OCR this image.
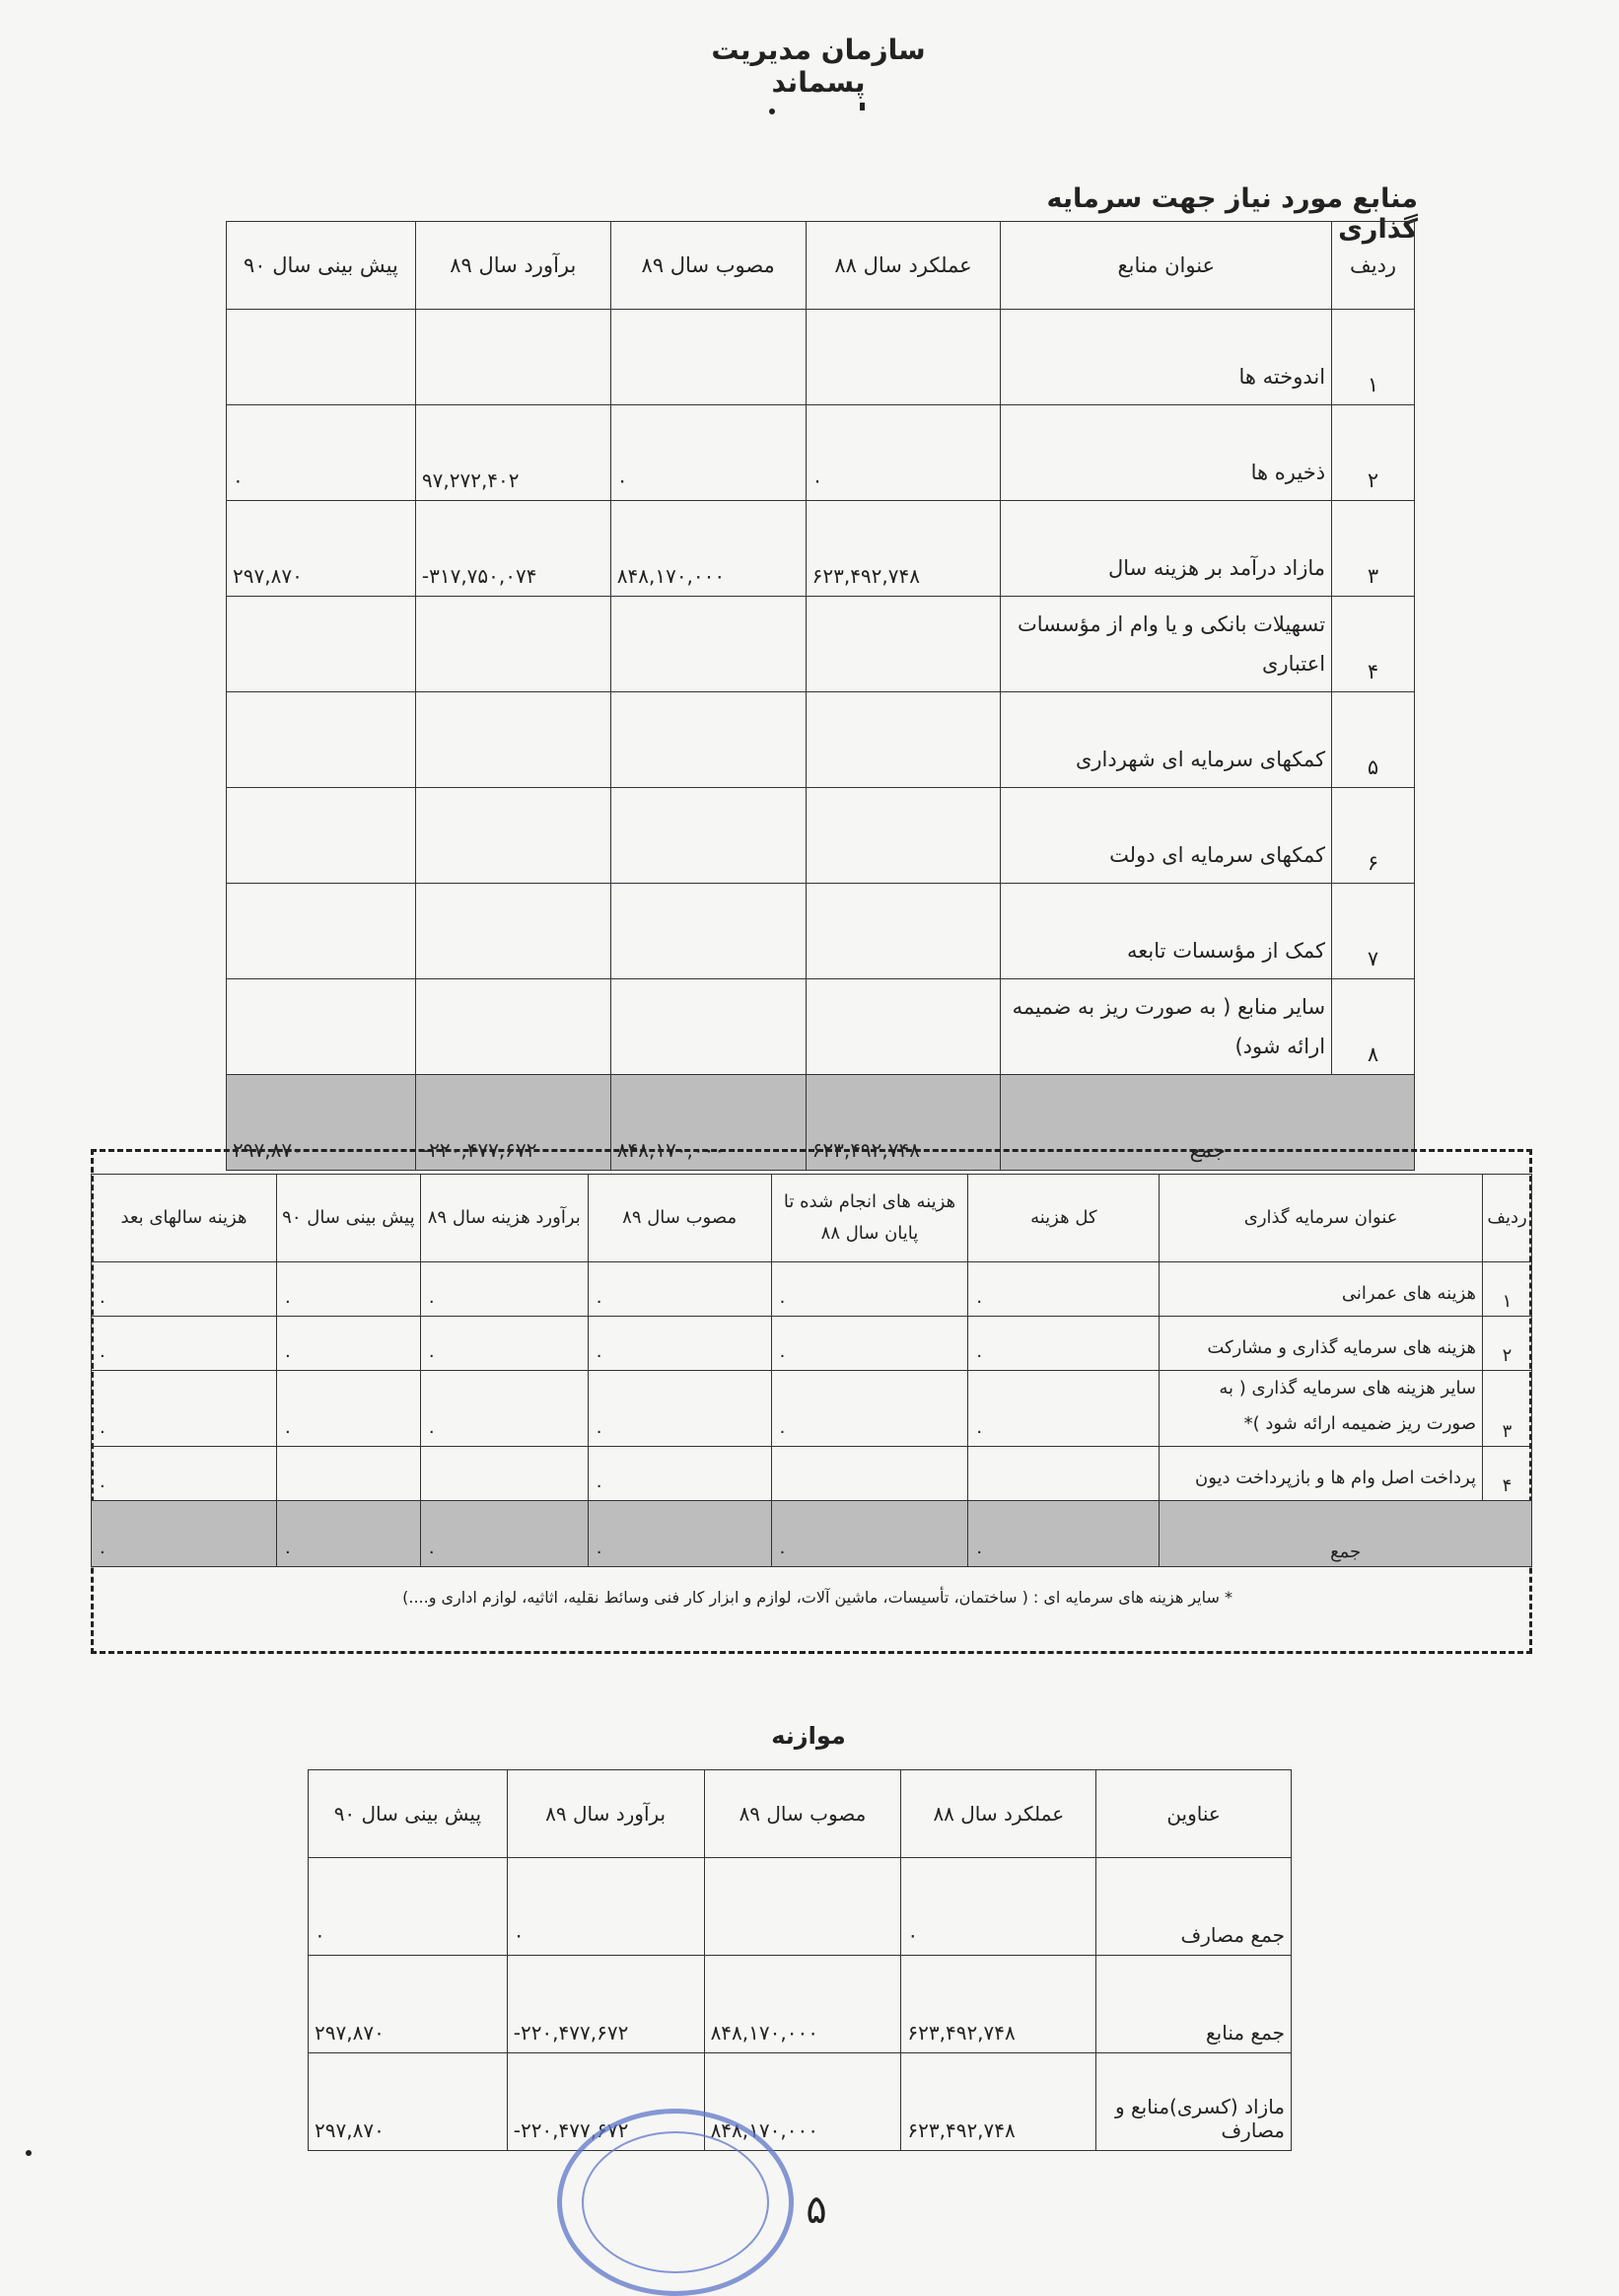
سازمان مدیریت پسماند
منابع مورد نیاز جهت سرمایه گذاری
ردیف	عنوان منابع	عملکرد سال ۸۸	مصوب سال ۸۹	برآورد سال ۸۹	پیش بینی سال ۹۰
۱	اندوخته ها				
۲	ذخیره ها	۰	۰	۹۷,۲۷۲,۴۰۲	۰
۳	مازاد درآمد بر هزینه سال	۶۲۳,۴۹۲,۷۴۸	۸۴۸,۱۷۰,۰۰۰	-۳۱۷,۷۵۰,۰۷۴	۲۹۷,۸۷۰
۴	تسهیلات بانکی و یا وام از مؤسسات اعتباری				
۵	کمکهای سرمایه ای شهرداری				
۶	کمکهای سرمایه ای دولت				
۷	کمک از مؤسسات تابعه				
۸	سایر منابع ( به صورت ریز به ضمیمه ارائه شود)				
جمع		۶۲۳,۴۹۲,۷۴۸	۸۴۸,۱۷۰,۰۰۰	-۲۲۰,۴۷۷,۶۷۲	۲۹۷,۸۷۰
ردیف	عنوان سرمایه گذاری	کل هزینه	هزینه های انجام شده تا پایان سال ۸۸	مصوب سال ۸۹	برآورد هزینه سال ۸۹	پیش بینی سال ۹۰	هزینه سالهای بعد
۱	هزینه های عمرانی	۰	۰	۰	۰	۰	۰
۲	هزینه های سرمایه گذاری و مشارکت	۰	۰	۰	۰	۰	۰
۳	سایر هزینه های سرمایه گذاری ( به صورت ریز ضمیمه ارائه شود )*	۰	۰	۰	۰	۰	۰
۴	پرداخت اصل وام ها و بازپرداخت دیون			۰			۰
جمع		۰	۰	۰	۰	۰	۰
* سایر هزینه های سرمایه ای : ( ساختمان، تأسیسات، ماشین آلات، لوازم و ابزار کار فنی وسائط نقلیه، اثاثیه، لوازم اداری و....)
موازنه
عناوین	عملکرد سال ۸۸	مصوب سال ۸۹	برآورد سال ۸۹	پیش بینی سال ۹۰
جمع مصارف	۰		۰	۰
جمع منابع	۶۲۳,۴۹۲,۷۴۸	۸۴۸,۱۷۰,۰۰۰	-۲۲۰,۴۷۷,۶۷۲	۲۹۷,۸۷۰
مازاد (کسری)منابع و مصارف	۶۲۳,۴۹۲,۷۴۸	۸۴۸,۱۷۰,۰۰۰	-۲۲۰,۴۷۷,۶۷۲	۲۹۷,۸۷۰
۵
